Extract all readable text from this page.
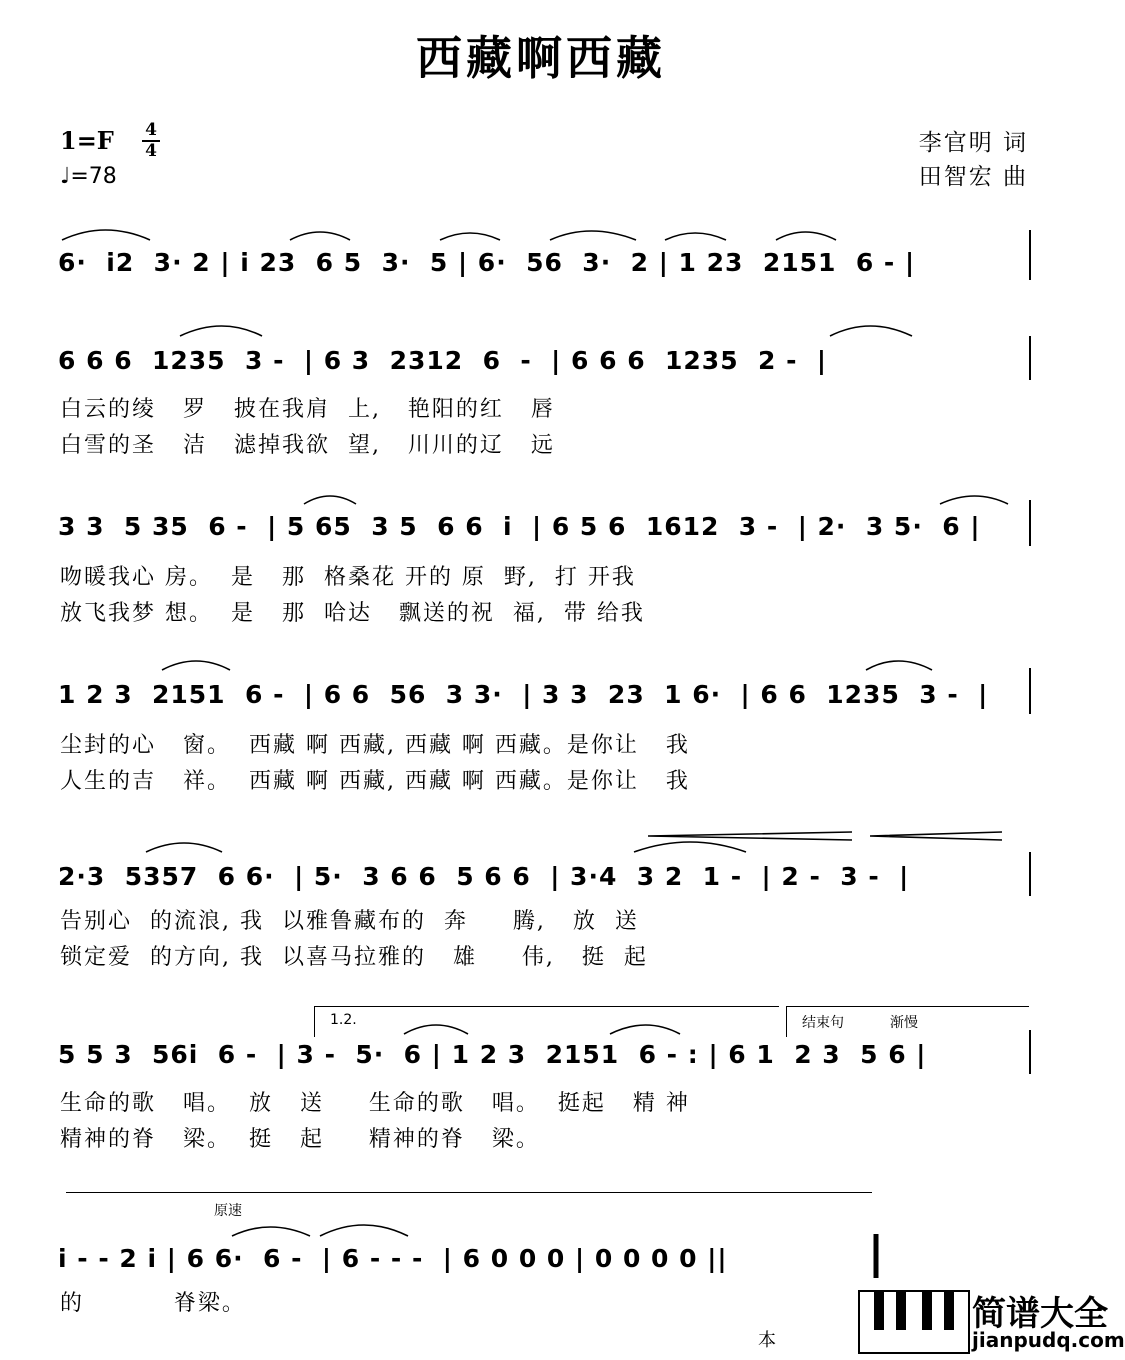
西藏啊西藏
1=F 4
4
♩=78
李官明 词
田智宏 曲
6·  i2  3· 2 | i 23  6 5  3·  5 | 6·  56  3·  2 | 1 23  2151  6 - |
6 6 6  1235  3 -  | 6 3  2312  6  -  | 6 6 6  1235  2 -  |
白云的绫   罗   披在我肩  上,   艳阳的红   唇
白雪的圣   洁   滤掉我欲  望,   川川的辽   远
3 3  5 35  6 -  | 5 65  3 5  6 6  i  | 6 5 6  1612  3 -  | 2·  3 5·  6 |
吻暖我心 房。  是   那  格桑花 开的 原  野,  打 开我
放飞我梦 想。  是   那  哈达   飘送的祝  福,  带 给我
1 2 3  2151  6 -  | 6 6  56  3 3·  | 3 3  23  1 6·  | 6 6  1235  3 -  |
尘封的心   窗。  西藏 啊 西藏, 西藏 啊 西藏。是你让   我
人生的吉   祥。  西藏 啊 西藏, 西藏 啊 西藏。是你让   我
2·3  5357  6 6·  | 5·  3 6 6  5 6 6  | 3·4  3 2  1 -  | 2 -  3 -  |
告别心  的流浪, 我  以雅鲁藏布的  奔     腾,   放  送
锁定爱  的方向, 我  以喜马拉雅的   雄     伟,   挺  起
1.2.	结束句	渐慢
5 5 3  56i  6 -  | 3 -  5·  6 | 1 2 3  2151  6 - : | 6 1  2 3  5 6 |
生命的歌   唱。  放   送     生命的歌   唱。  挺起   精 神
精神的脊   梁。  挺   起     精神的脊   梁。
原速
i - - 2 i | 6 6·  6 -  | 6 - - -  | 6 0 0 0 | 0 0 0 0 ||
的          脊梁。
本
简谱大全
jianpudq.com
